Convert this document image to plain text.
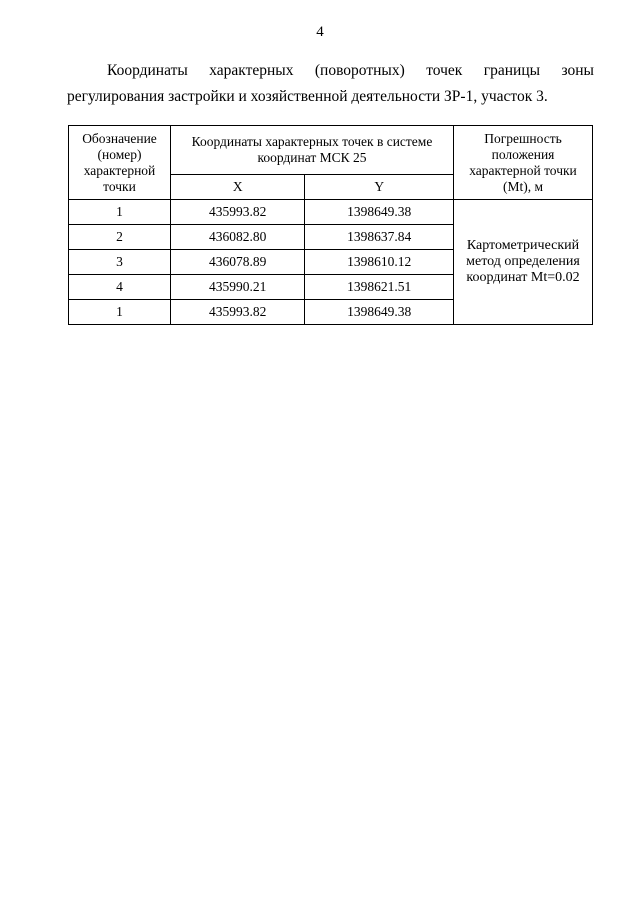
4
Координаты характерных (поворотных) точек границы зоны
регулирования застройки и хозяйственной деятельности ЗР-1, участок 3.
Обозначение (номер) характерной точки	Координаты характерных точек в системе координат МСК 25		Погрешность положения характерной точки (Mt), м
	X	Y	
1	435993.82	1398649.38	Картометрический метод определения координат Mt=0.02
2	436082.80	1398637.84	
3	436078.89	1398610.12	
4	435990.21	1398621.51	
1	435993.82	1398649.38	
